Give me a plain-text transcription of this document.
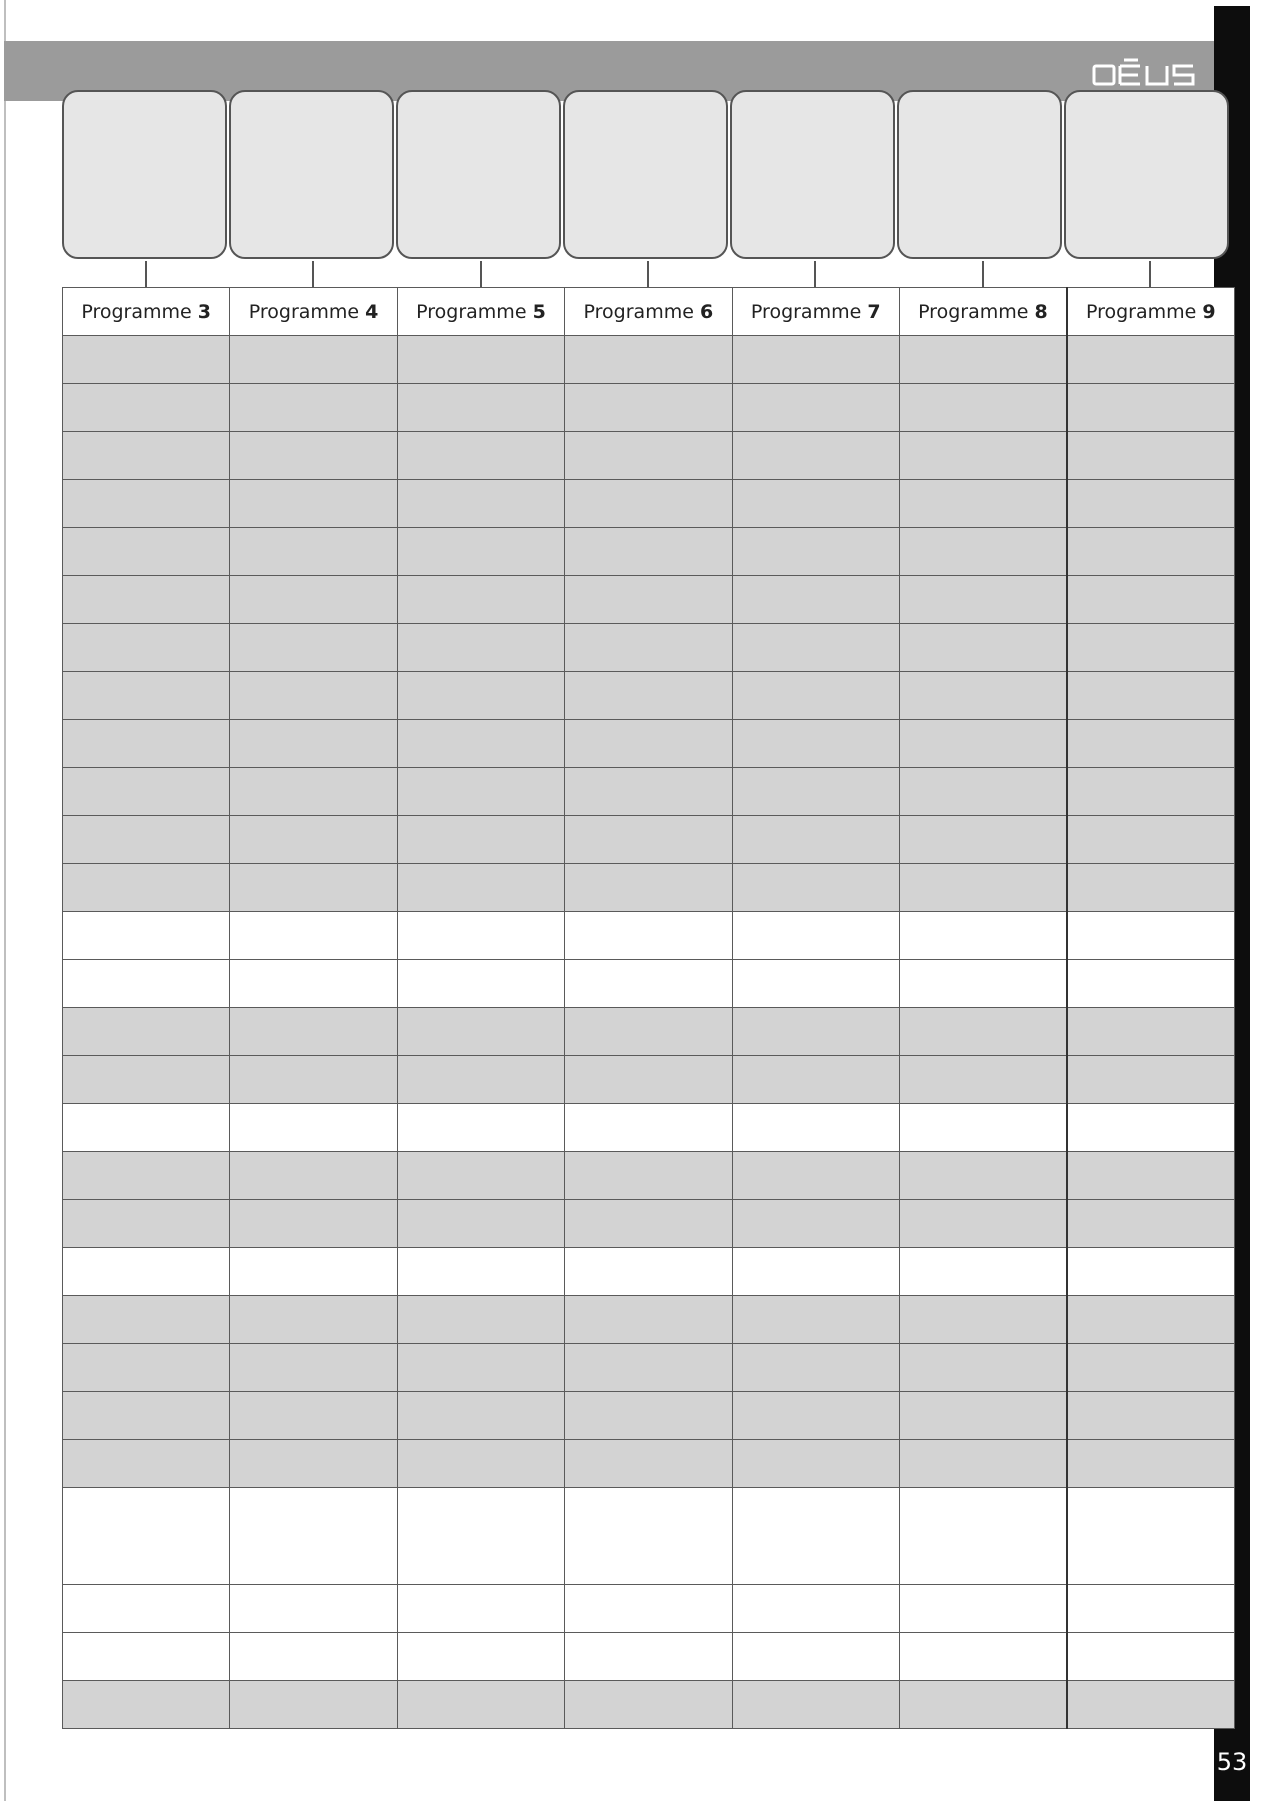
Programme 3	Programme 4	Programme 5	Programme 6	Programme 7	Programme 8	Programme 9

53
